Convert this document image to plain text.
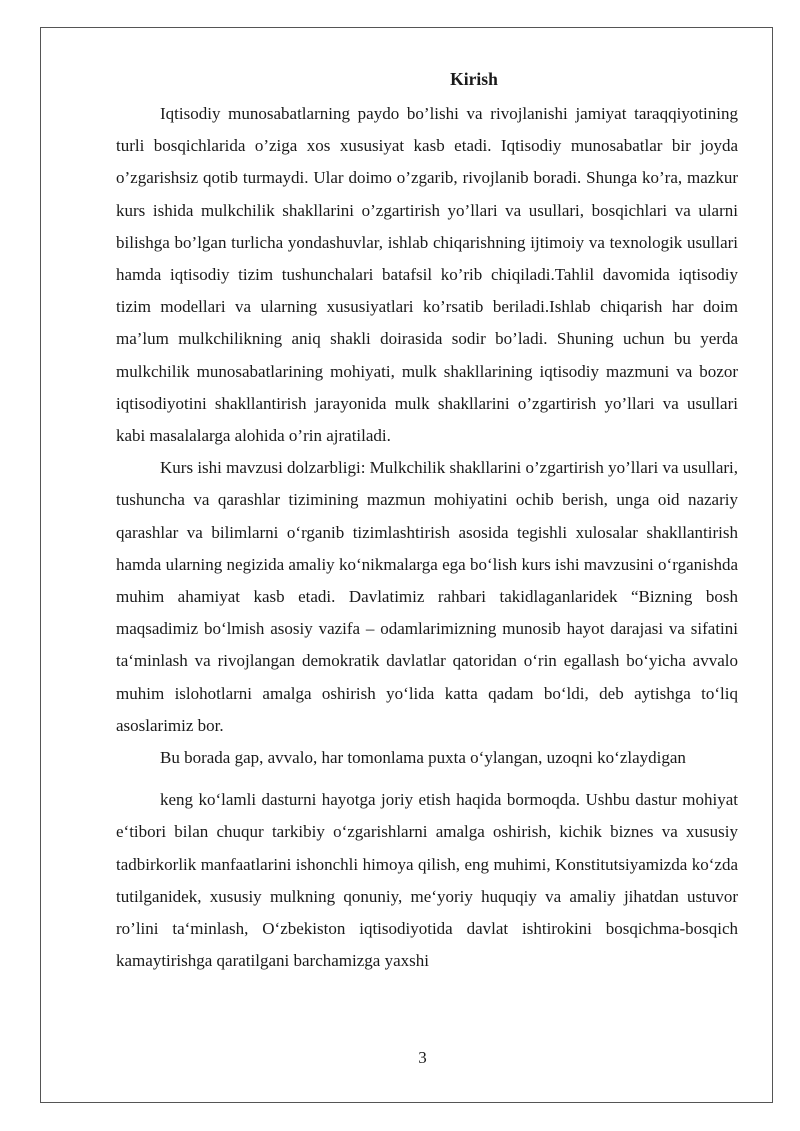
Kirish

Iqtisodiy munosabatlarning paydo bo’lishi va rivojlanishi jamiyat taraqqiyotining turli bosqichlarida o’ziga xos xususiyat kasb etadi. Iqtisodiy munosabatlar bir joyda o’zgarishsiz qotib turmaydi. Ular doimo o’zgarib, rivojlanib boradi. Shunga ko’ra, mazkur kurs ishida mulkchilik shakllarini o’zgartirish yo’llari va usullari, bosqichlari va ularni bilishga bo’lgan turlicha yondashuvlar, ishlab chiqarishning ijtimoiy va texnologik usullari hamda iqtisodiy tizim tushunchalari batafsil ko’rib chiqiladi.Tahlil davomida iqtisodiy tizim modellari va ularning xususiyatlari ko’rsatib beriladi.Ishlab chiqarish har doim ma’lum mulkchilikning aniq shakli doirasida sodir bo’ladi. Shuning uchun bu yerda mulkchilik munosabatlarining mohiyati, mulk shakllarining iqtisodiy mazmuni va bozor iqtisodiyotini shakllantirish jarayonida mulk shakllarini o’zgartirish yo’llari va usullari kabi masalalarga alohida o’rin ajratiladi.

Kurs ishi mavzusi dolzarbligi: Mulkchilik shakllarini o’zgartirish yo’llari va usullari, tushuncha va qarashlar tizimining mazmun mohiyatini ochib berish, unga oid nazariy qarashlar va bilimlarni o‘rganib tizimlashtirish asosida tegishli xulosalar shakllantirish hamda ularning negizida amaliy ko‘nikmalarga ega bo‘lish kurs ishi mavzusini o‘rganishda muhim ahamiyat kasb etadi. Davlatimiz rahbari takidlaganlaridek “Bizning bosh maqsadimiz bo‘lmish asosiy vazifa – odamlarimizning munosib hayot darajasi va sifatini ta‘minlash va rivojlangan demokratik davlatlar qatoridan o‘rin egallash bo‘yicha avvalo muhim islohotlarni amalga oshirish yo‘lida katta qadam bo‘ldi, deb aytishga to‘liq asoslarimiz bor.

Bu borada gap, avvalo, har tomonlama puxta o‘ylangan, uzoqni ko‘zlaydigan

keng ko‘lamli dasturni hayotga joriy etish haqida bormoqda. Ushbu dastur mohiyat e‘tibori bilan chuqur tarkibiy o‘zgarishlarni amalga oshirish, kichik biznes va xususiy tadbirkorlik manfaatlarini ishonchli himoya qilish, eng muhimi, Konstitutsiyamizda ko‘zda tutilganidek, xususiy mulkning qonuniy, me‘yoriy huquqiy va amaliy jihatdan ustuvor ro’lini ta‘minlash, O‘zbekiston iqtisodiyotida davlat ishtirokini bosqichma-bosqich kamaytirishga qaratilgani barchamizga yaxshi

3
